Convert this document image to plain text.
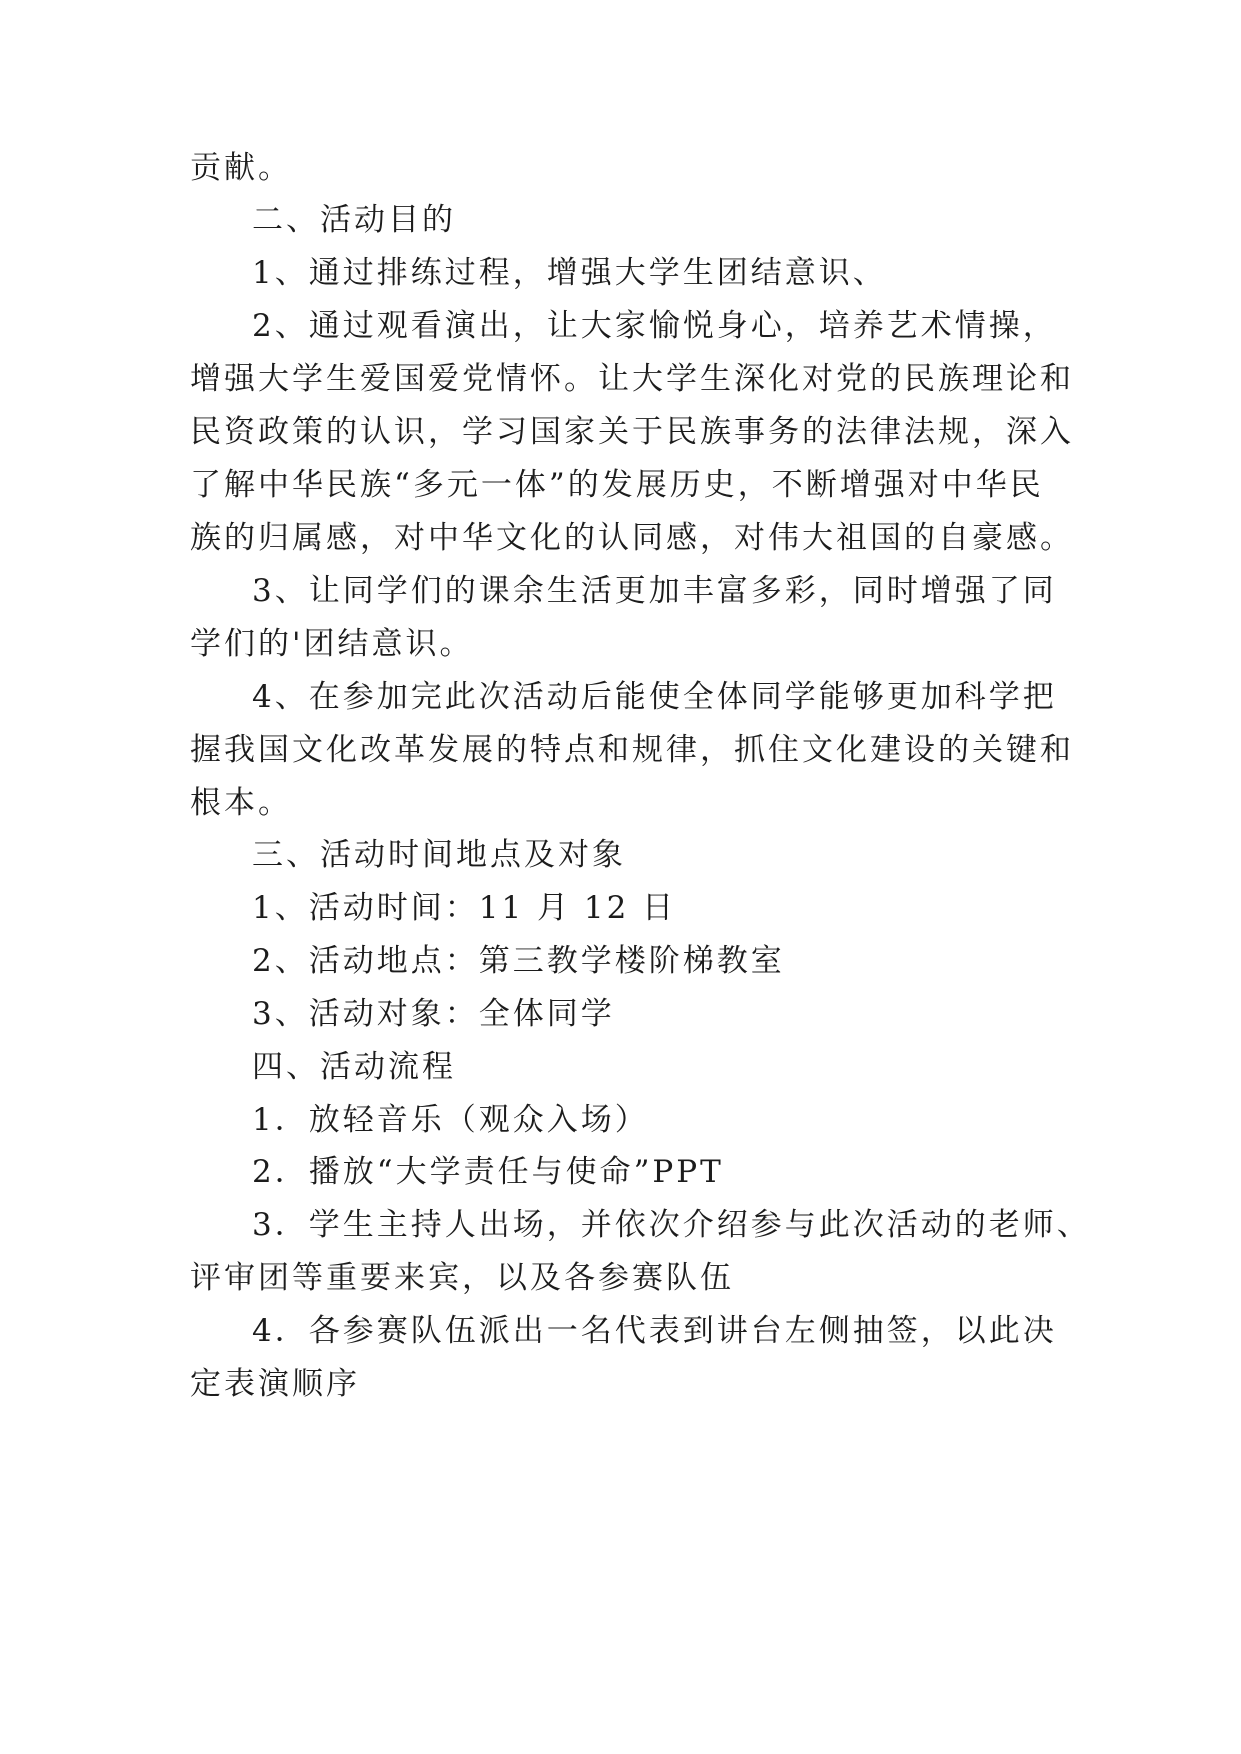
贡献。
二、活动目的
1、通过排练过程，增强大学生团结意识、
2、通过观看演出，让大家愉悦身心，培养艺术情操，
增强大学生爱国爱党情怀。让大学生深化对党的民族理论和
民资政策的认识，学习国家关于民族事务的法律法规，深入
了解中华民族“多元一体”的发展历史，不断增强对中华民
族的归属感，对中华文化的认同感，对伟大祖国的自豪感。
3、让同学们的课余生活更加丰富多彩，同时增强了同
学们的'团结意识。
4、在参加完此次活动后能使全体同学能够更加科学把
握我国文化改革发展的特点和规律，抓住文化建设的关键和
根本。
三、活动时间地点及对象
1、活动时间：11 月 12 日
2、活动地点：第三教学楼阶梯教室
3、活动对象：全体同学
四、活动流程
1．放轻音乐（观众入场）
2．播放“大学责任与使命”PPT
3．学生主持人出场，并依次介绍参与此次活动的老师、
评审团等重要来宾，以及各参赛队伍
4．各参赛队伍派出一名代表到讲台左侧抽签，以此决
定表演顺序
